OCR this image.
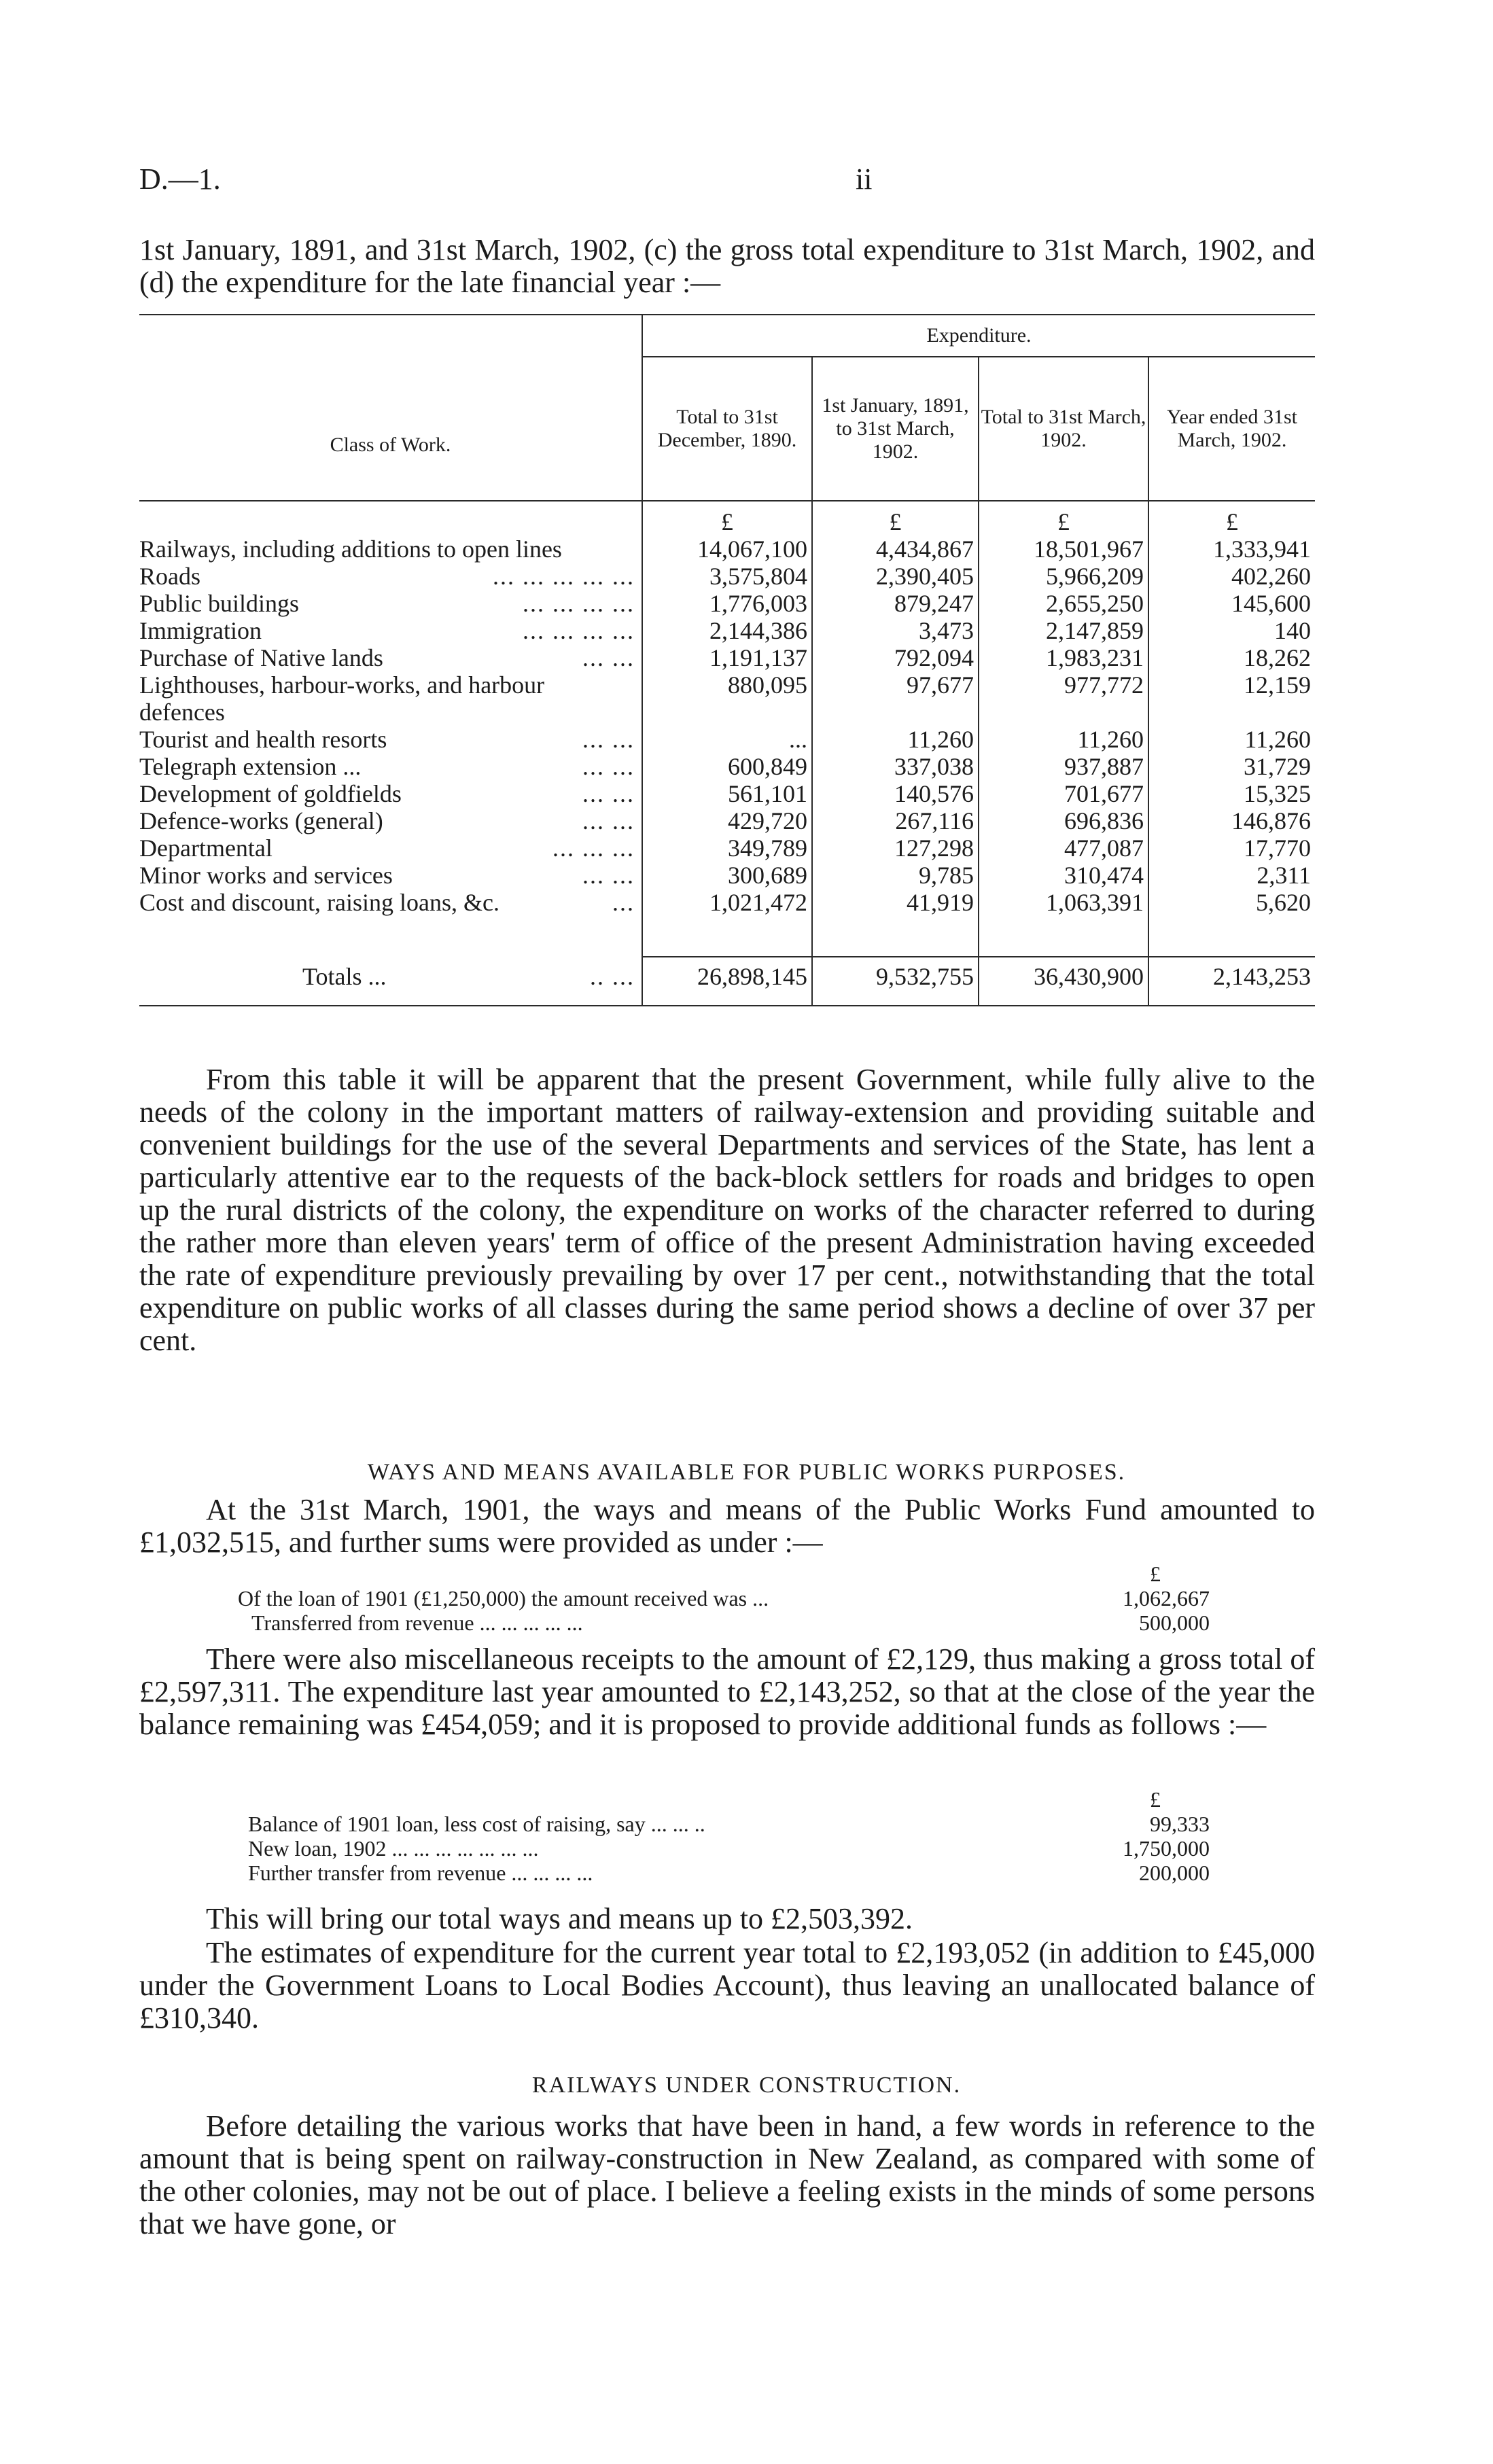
D.—1.	ii
1st January, 1891, and 31st March, 1902, (c) the gross total expenditure to 31st March, 1902, and (d) the expenditure for the late financial year :—

Class of Work.	Expenditure.			
	Total to 31st December, 1890.	1st January, 1891, to 31st March, 1902.	Total to 31st March, 1902.	Year ended 31st March, 1902.

	£	£	£	£

Railways, including additions to open lines	14,067,100	4,434,867	18,501,967	1,333,941

Roads ... ... ... ... ...	3,575,804	2,390,405	5,966,209	402,260

Public buildings ... ... ... ...	1,776,003	879,247	2,655,250	145,600

Immigration ... ... ... ...	2,144,386	3,473	2,147,859	140

Purchase of Native lands ... ...	1,191,137	792,094	1,983,231	18,262

Lighthouses, harbour-works, and harbour defences	880,095	97,677	977,772	12,159

Tourist and health resorts ... ...	...	11,260	11,260	11,260

Telegraph extension ... ... ...	600,849	337,038	937,887	31,729

Development of goldfields ... ...	561,101	140,576	701,677	15,325

Defence-works (general) ... ...	429,720	267,116	696,836	146,876

Departmental ... ... ...	349,789	127,298	477,087	17,770

Minor works and services ... ...	300,689	9,785	310,474	2,311

Cost and discount, raising loans, &c. ...	1,021,472	41,919	1,063,391	5,620

Totals ... .. ...	26,898,145	9,532,755	36,430,900	2,143,253

From this table it will be apparent that the present Government, while fully alive to the needs of the colony in the important matters of railway-extension and providing suitable and convenient buildings for the use of the several Departments and services of the State, has lent a particularly attentive ear to the requests of the back-block settlers for roads and bridges to open up the rural districts of the colony, the expenditure on works of the character referred to during the rather more than eleven years' term of office of the present Administration having exceeded the rate of expenditure previously prevailing by over 17 per cent., notwithstanding that the total expenditure on public works of all classes during the same period shows a decline of over 37 per cent.
WAYS AND MEANS AVAILABLE FOR PUBLIC WORKS PURPOSES.
At the 31st March, 1901, the ways and means of the Public Works Fund amounted to £1,032,515, and further sums were provided as under :—
£
Of the loan of 1901 (£1,250,000) the amount received was ...	1,062,667
Transferred from revenue ... ... ... ... ...	500,000
There were also miscellaneous receipts to the amount of £2,129, thus making a gross total of £2,597,311. The expenditure last year amounted to £2,143,252, so that at the close of the year the balance remaining was £454,059; and it is proposed to provide additional funds as follows :—
£
Balance of 1901 loan, less cost of raising, say ... ... ..	99,333
New loan, 1902 ... ... ... ... ... ... ...	1,750,000
Further transfer from revenue ... ... ... ...	200,000
This will bring our total ways and means up to £2,503,392.
The estimates of expenditure for the current year total to £2,193,052 (in addition to £45,000 under the Government Loans to Local Bodies Account), thus leaving an unallocated balance of £310,340.
RAILWAYS UNDER CONSTRUCTION.
Before detailing the various works that have been in hand, a few words in reference to the amount that is being spent on railway-construction in New Zealand, as compared with some of the other colonies, may not be out of place. I believe a feeling exists in the minds of some persons that we have gone, or
